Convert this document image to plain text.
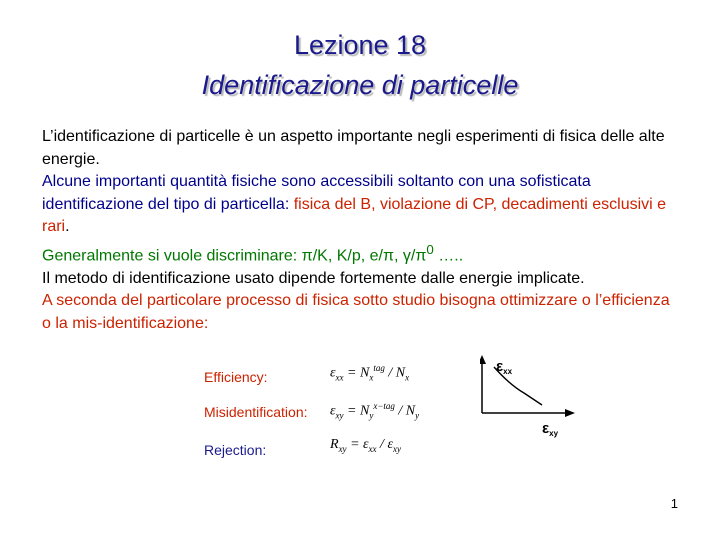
Lezione 18
Identificazione di particelle

L’identificazione di particelle è un aspetto importante negli esperimenti di fisica delle alte energie.

Alcune importanti quantità fisiche sono accessibili soltanto con una sofisticata identificazione del tipo di particella: fisica del B, violazione di CP, decadimenti esclusivi e rari.

Generalmente si vuole discriminare: π/K, K/p, e/π, $\gamma/\pi^0$ …..

Il metodo di identificazione usato dipende fortemente dalle energie implicate.

A seconda del particolare processo di fisica sotto studio bisogna ottimizzare o l’efficienza o la mis-identificazione:

Efficiency:
Misidentification:
Rejection:
$\varepsilon_{xx} = N_x^{tag} / N_x$
$\varepsilon_{xy} = N_y^{x-tag} / N_y$
$R_{xy} = \varepsilon_{xx} / \varepsilon_{xy}$
$\varepsilon_{xx}$
$\varepsilon_{xy}$
1
